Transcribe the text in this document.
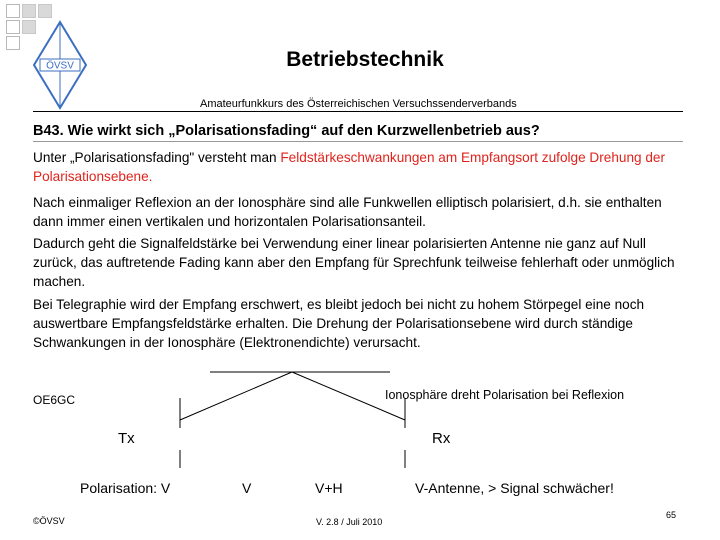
ÖVSV	Betriebstechnik
Amateurfunkkurs des Österreichischen Versuchssenderverbands
B43. Wie wirkt sich „Polarisationsfading“ auf den Kurzwellenbetrieb aus?
Unter „Polarisationsfading" versteht man Feldstärkeschwankungen am Empfangsort zufolge Drehung der Polarisationsebene.
Nach einmaliger Reflexion an der Ionosphäre sind alle Funkwellen elliptisch polarisiert, d.h. sie enthalten dann immer einen vertikalen und horizontalen Polarisationsanteil.
Dadurch geht die Signalfeldstärke bei Verwendung einer linear polarisierten Antenne nie ganz auf Null zurück, das auftretende Fading kann aber den Empfang für Sprechfunk teilweise fehlerhaft oder unmöglich machen.
Bei Telegraphie wird der Empfang erschwert, es bleibt jedoch bei nicht zu hohem Störpegel eine noch auswertbare Empfangsfeldstärke erhalten. Die Drehung der Polarisationsebene wird durch ständige Schwankungen in der Ionosphäre (Elektronendichte) verursacht.
OE6GC	Ionosphäre dreht Polarisation bei Reflexion
Tx	Rx
Polarisation: V	V	V+H	V-Antenne, > Signal schwächer!
©ÖVSV	V. 2.8 / Juli 2010
65
